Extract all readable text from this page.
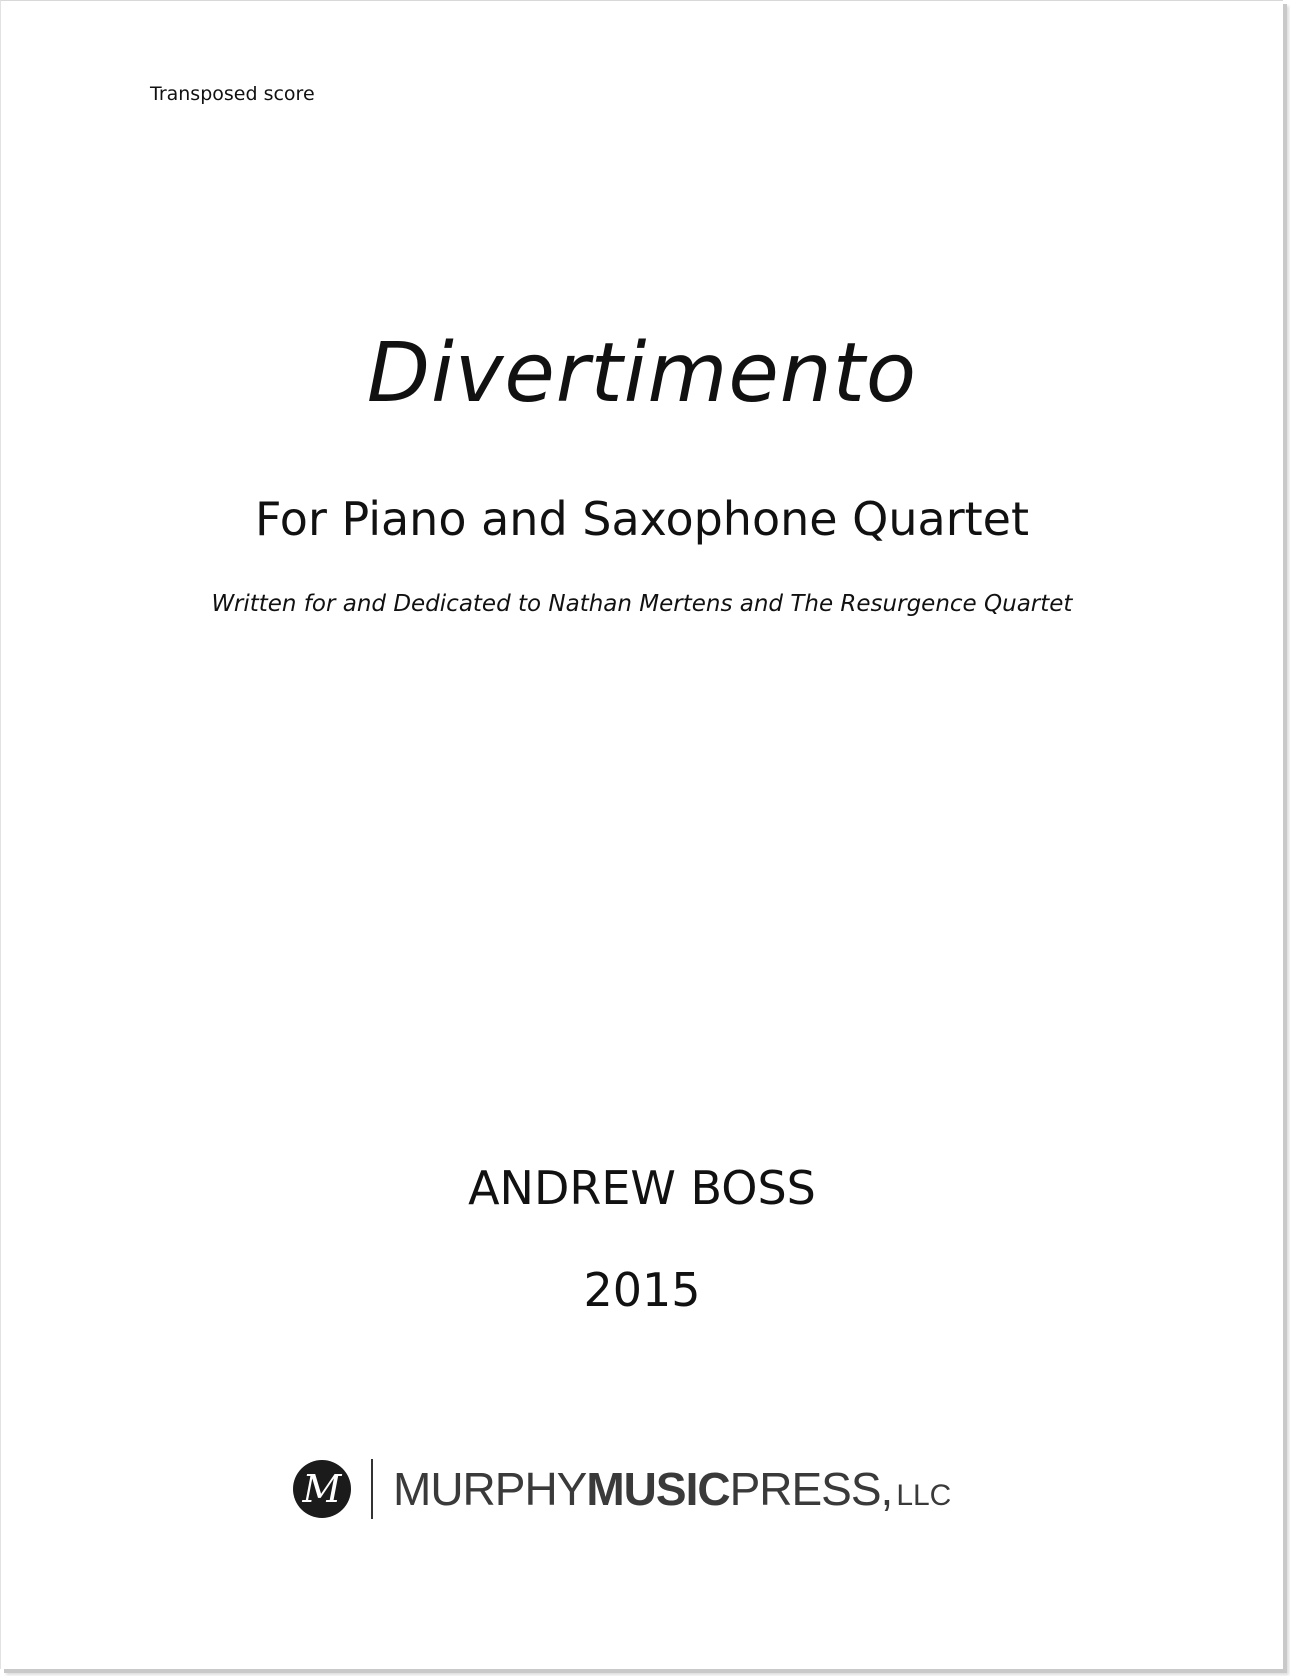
Transposed score
Divertimento
For Piano and Saxophone Quartet
Written for and Dedicated to Nathan Mertens and The Resurgence Quartet
ANDREW BOSS
2015
M MURPHYMUSICPRESS, LLC
